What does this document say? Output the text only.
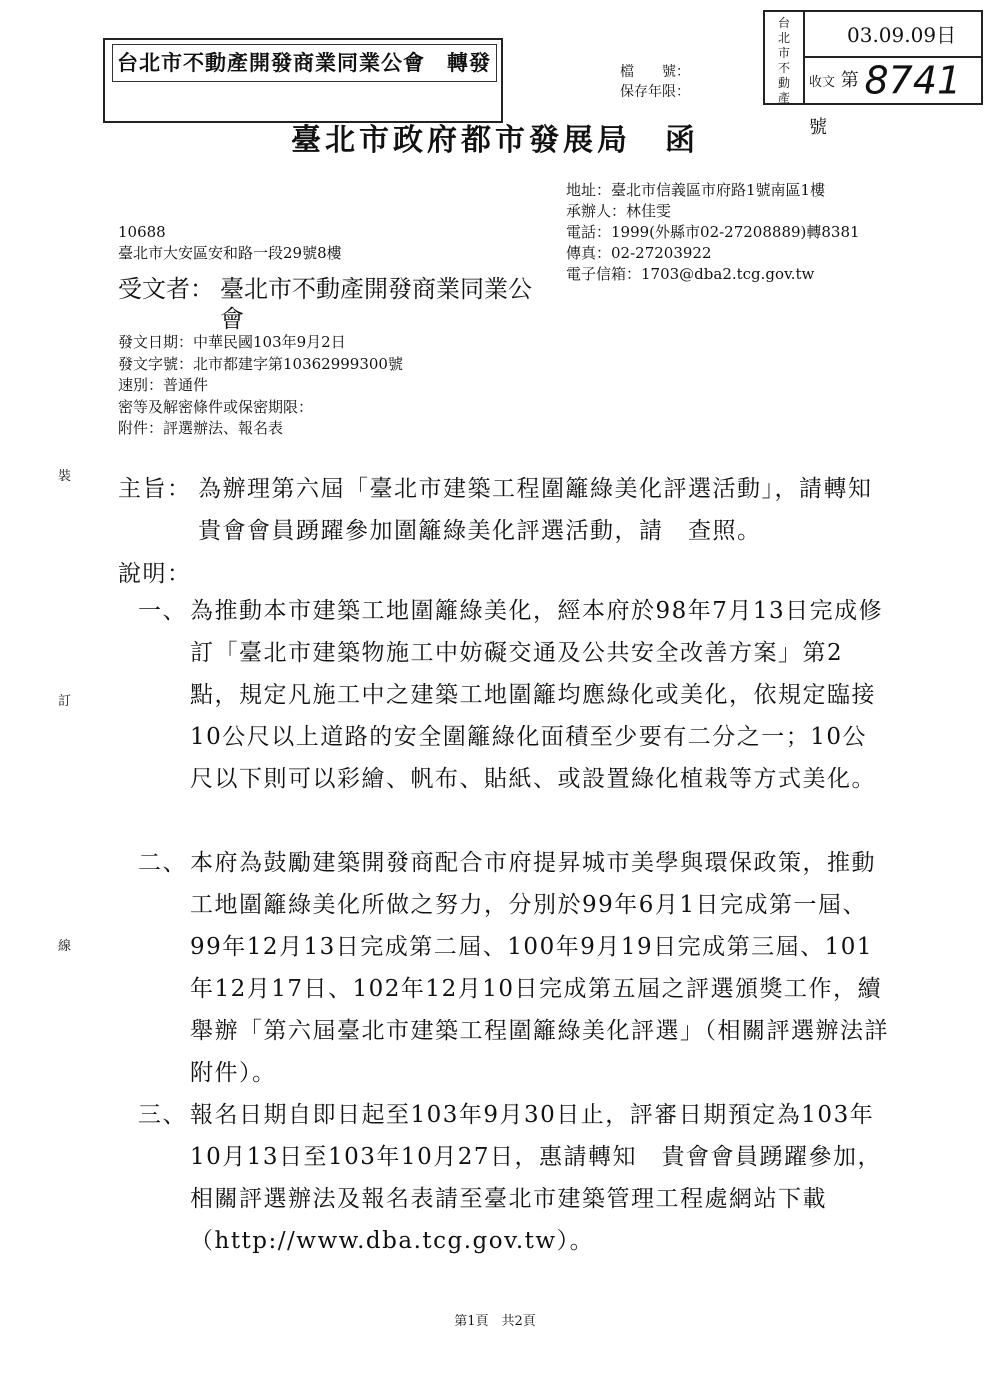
台北市不動產開發商業同業公會　轉發	檔　　號：
保存年限：
台北市不動產
03.09.09日
收文 第 8741 號
臺北市政府都市發展局　函
地址：臺北市信義區市府路1號南區1樓
承辦人：林佳雯
電話：1999(外縣市02-27208889)轉8381
傳真：02-27203922
電子信箱：1703@dba2.tcg.gov.tw
10688
臺北市大安區安和路一段29號8樓
受文者： 臺北市不動產開發商業同業公會
發文日期：中華民國103年9月2日
發文字號：北市都建字第10362999300號
速別：普通件
密等及解密條件或保密期限：
附件：評選辦法、報名表
裝
訂
線
主旨： 為辦理第六屆「臺北市建築工程圍籬綠美化評選活動」，請轉知　貴會會員踴躍參加圍籬綠美化評選活動，請　查照。
說明：
一、 為推動本市建築工地圍籬綠美化，經本府於98年7月13日完成修訂「臺北市建築物施工中妨礙交通及公共安全改善方案」第2點，規定凡施工中之建築工地圍籬均應綠化或美化，依規定臨接10公尺以上道路的安全圍籬綠化面積至少要有二分之一；10公尺以下則可以彩繪、帆布、貼紙、或設置綠化植栽等方式美化。
二、 本府為鼓勵建築開發商配合市府提昇城市美學與環保政策，推動工地圍籬綠美化所做之努力，分別於99年6月1日完成第一屆、99年12月13日完成第二屆、100年9月19日完成第三屆、101年12月17日、102年12月10日完成第五屆之評選頒獎工作，續舉辦「第六屆臺北市建築工程圍籬綠美化評選」（相關評選辦法詳附件）。
三、 報名日期自即日起至103年9月30日止，評審日期預定為103年10月13日至103年10月27日，惠請轉知　貴會會員踴躍參加，相關評選辦法及報名表請至臺北市建築管理工程處網站下載（http://www.dba.tcg.gov.tw）。
第1頁　共2頁
